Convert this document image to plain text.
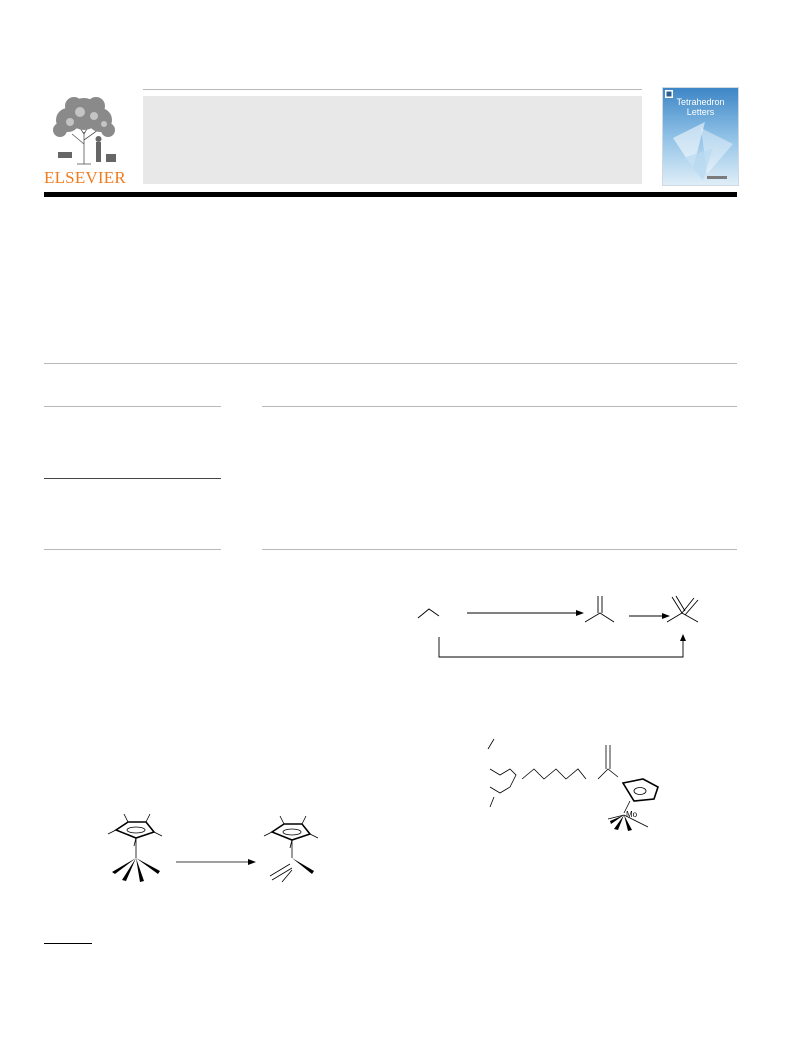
ELSEVIER
Tetrahedron Letters
Mo
